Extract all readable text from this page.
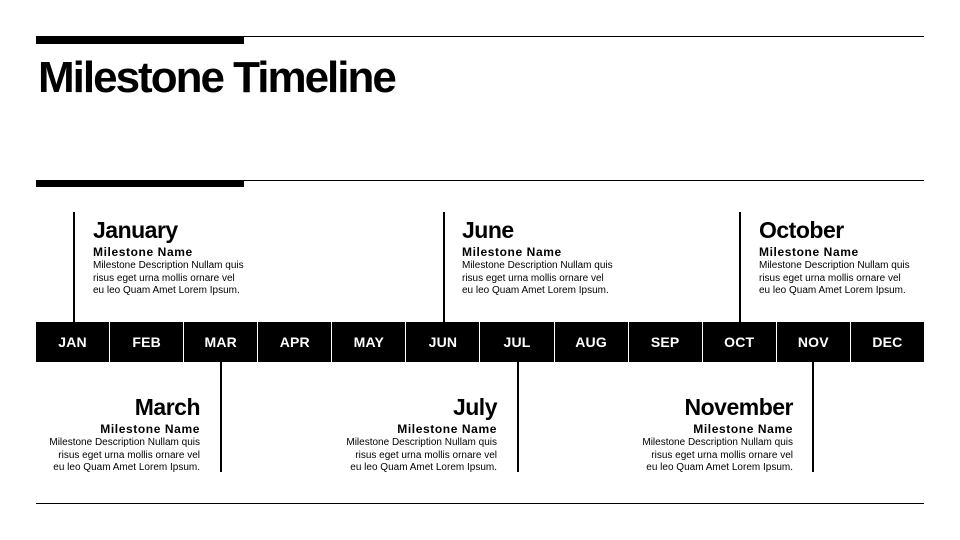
Milestone Timeline
JAN	FEB	MAR	APR	MAY	JUN	JUL	AUG	SEP	OCT	NOV	DEC
January
Milestone Name
Milestone Description Nullam quis risus eget urna mollis ornare vel eu leo Quam Amet Lorem Ipsum.
June
Milestone Name
Milestone Description Nullam quis risus eget urna mollis ornare vel eu leo Quam Amet Lorem Ipsum.
October
Milestone Name
Milestone Description Nullam quis risus eget urna mollis ornare vel eu leo Quam Amet Lorem Ipsum.
March
Milestone Name
Milestone Description Nullam quis risus eget urna mollis ornare vel eu leo Quam Amet Lorem Ipsum.
July
Milestone Name
Milestone Description Nullam quis risus eget urna mollis ornare vel eu leo Quam Amet Lorem Ipsum.
November
Milestone Name
Milestone Description Nullam quis risus eget urna mollis ornare vel eu leo Quam Amet Lorem Ipsum.
